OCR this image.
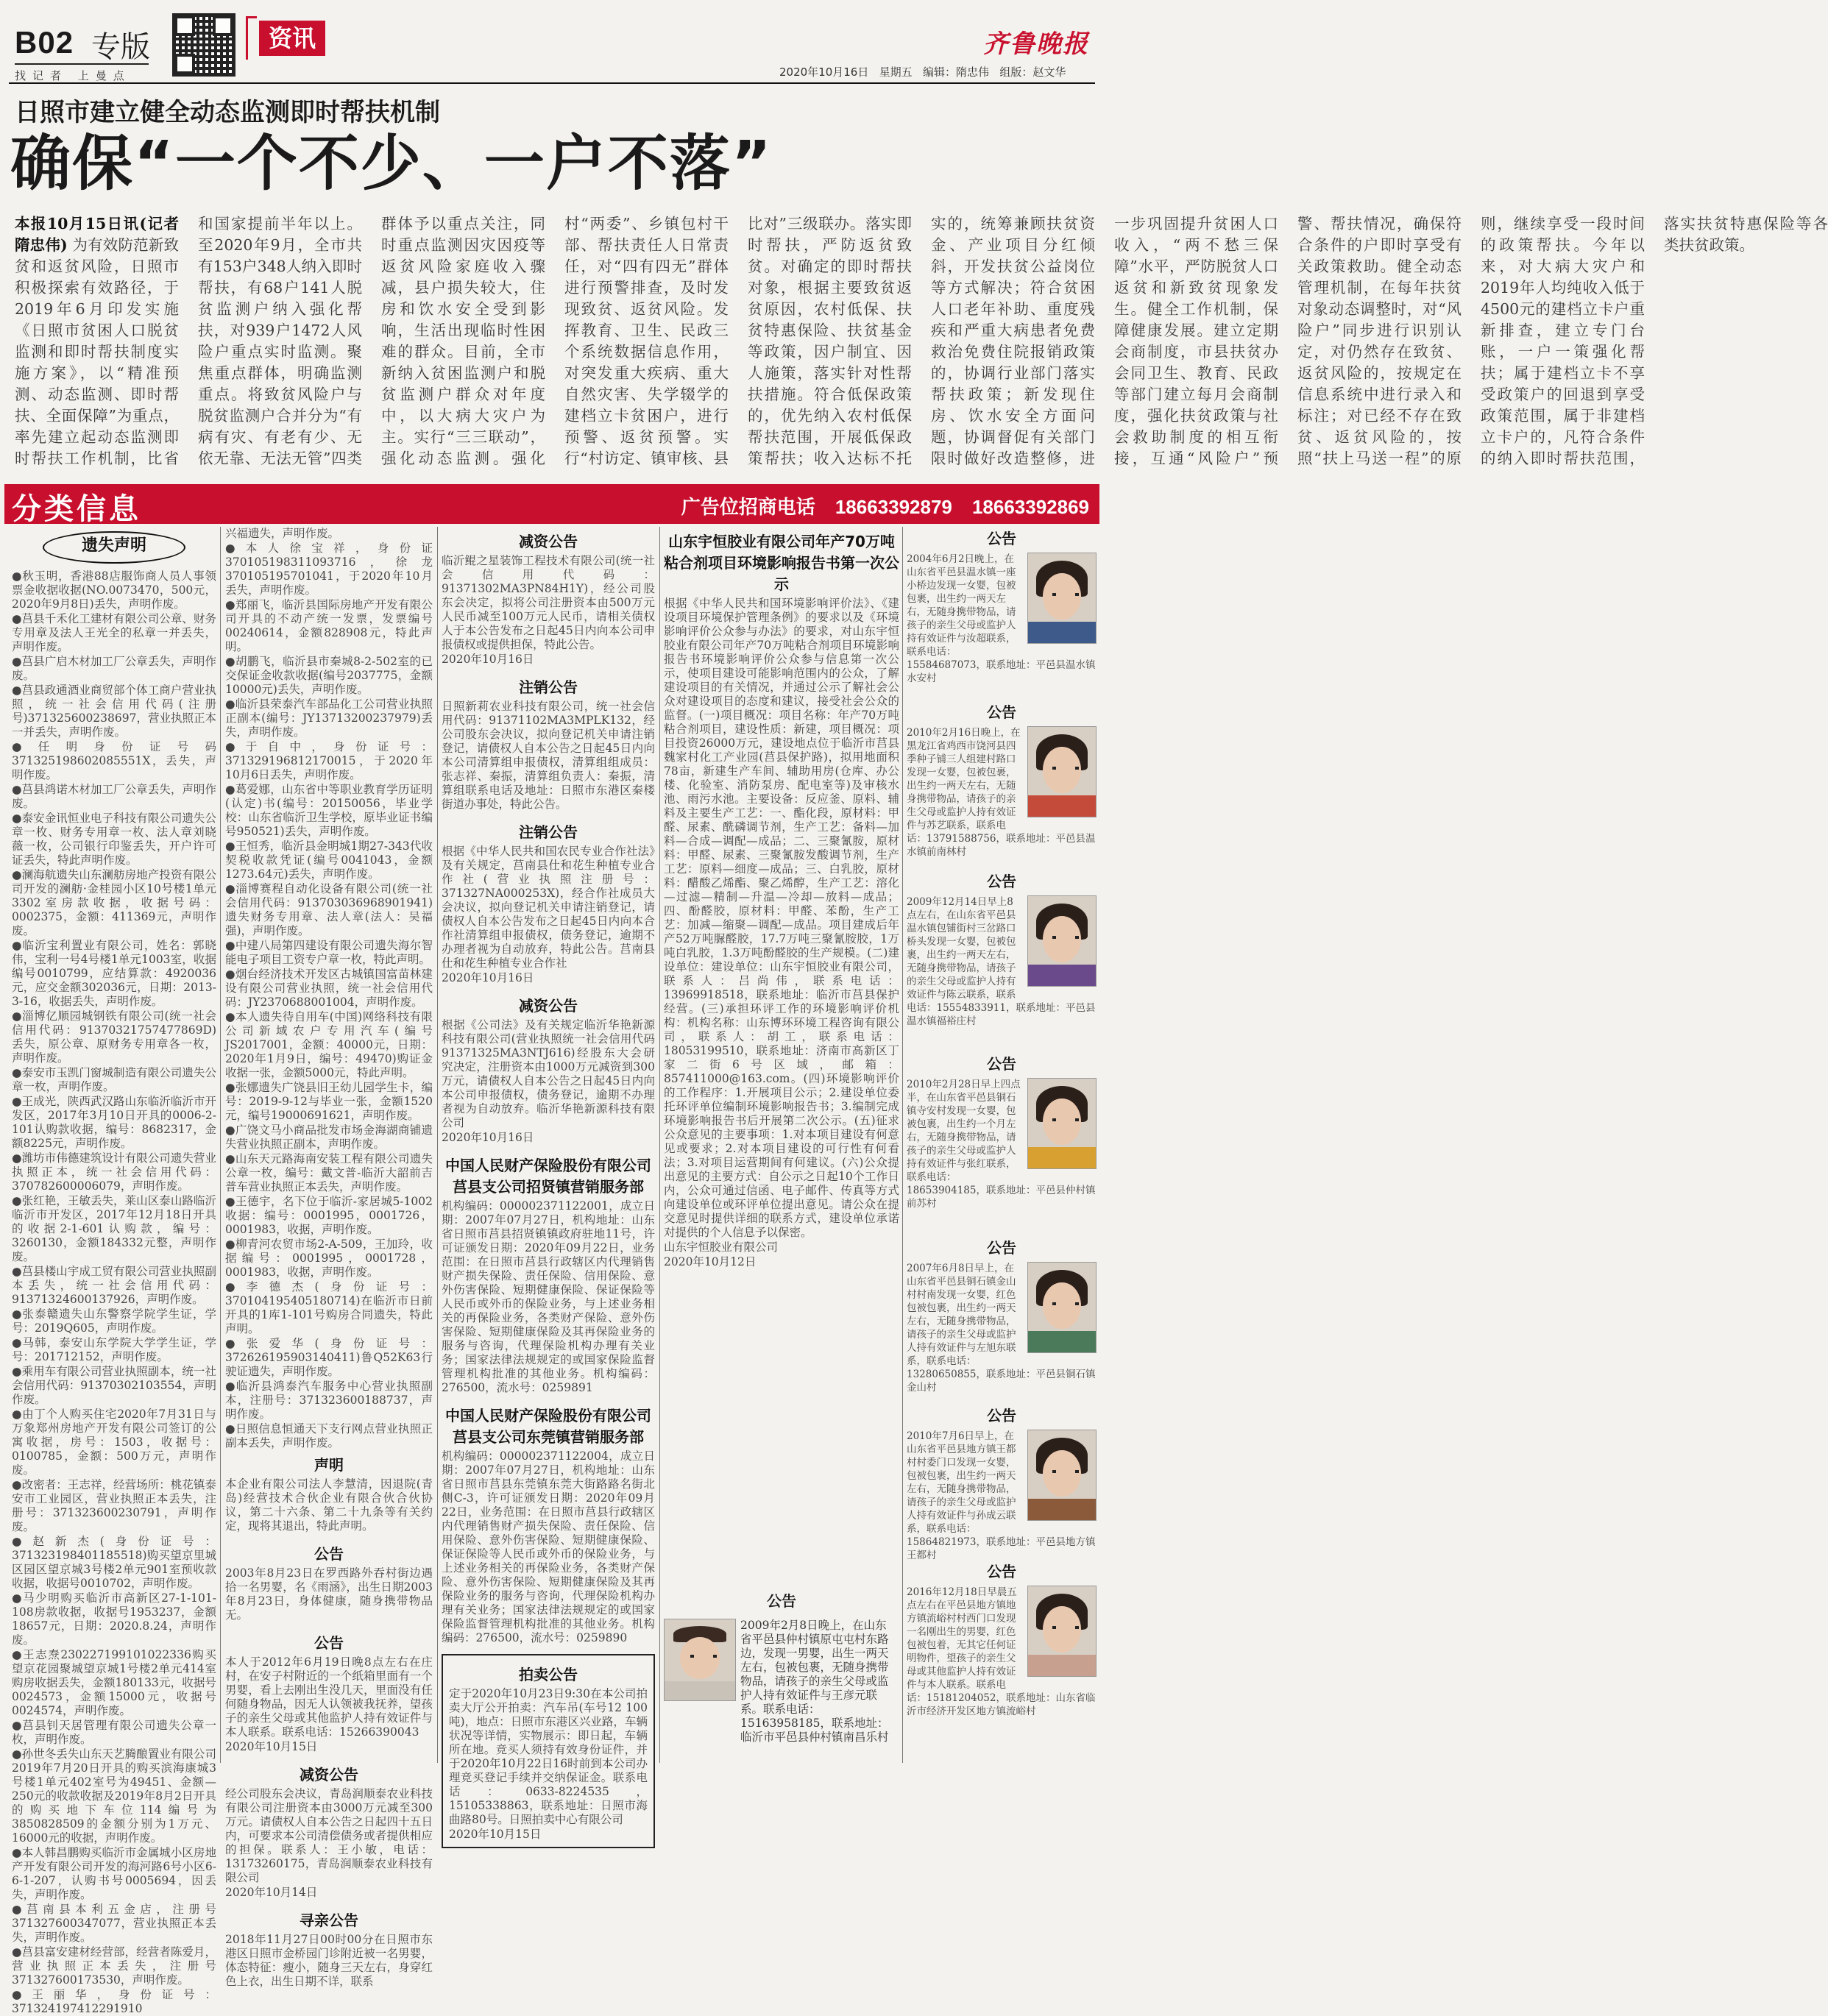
B02 专版
找记者 上曼点
资讯	齐鲁晚报
2020年10月16日 星期五 编辑：隋忠伟 组版：赵文华
日照市建立健全动态监测即时帮扶机制
确保“一个不少、一户不落”
本报10月15日讯(记者 隋忠伟) 为有效防范新致贫和返贫风险，日照市积极探索有效路径，于2019年6月印发实施《日照市贫困人口脱贫监测和即时帮扶制度实施方案》，以“精准预测、动态监测、即时帮扶、全面保障”为重点，率先建立起动态监测即时帮扶工作机制，比省和国家提前半年以上。至2020年9月，全市共有153户348人纳入即时帮扶，有68户141人脱贫监测户纳入强化帮扶，对939户1472人风险户重点实时监测。聚焦重点群体，明确监测重点。将致贫风险户与脱贫监测户合并分为“有病有灾、有老有少、无依无靠、无法无管”四类群体予以重点关注，同时重点监测因灾因疫等返贫风险家庭收入骤减，县户损失较大，住房和饮水安全受到影响，生活出现临时性困难的群众。目前，全市新纳入贫困监测户和脱贫监测户群众对年度中，以大病大灾户为主。实行“三三联动”，强化动态监测。强化村“两委”、乡镇包村干部、帮扶责任人日常责任，对“四有四无”群体进行预警排查，及时发现致贫、返贫风险。发挥教育、卫生、民政三个系统数据信息作用，对突发重大疾病、重大自然灾害、失学辍学的建档立卡贫困户，进行预警、返贫预警。实行“村访定、镇审核、县比对”三级联办。落实即时帮扶，严防返贫致贫。对确定的即时帮扶对象，根据主要致贫返贫原因，农村低保、扶贫特惠保险、扶贫基金等政策，因户制宜、因人施策，落实针对性帮扶措施。符合低保政策的，优先纳入农村低保帮扶范围，开展低保政策帮扶；收入达标不托实的，统筹兼顾扶贫资金、产业项目分红倾斜，开发扶贫公益岗位等方式解决；符合贫困人口老年补助、重度残疾和严重大病患者免费救治免费住院报销政策的，协调行业部门落实帮扶政策；新发现住房、饮水安全方面问题，协调督促有关部门限时做好改造整修，进一步巩固提升贫困人口收入，“两不愁三保障”水平，严防脱贫人口返贫和新致贫现象发生。健全工作机制，保障健康发展。建立定期会商制度，市县扶贫办会同卫生、教育、民政等部门建立每月会商制度，强化扶贫政策与社会救助制度的相互衔接，互通“风险户”预警、帮扶情况，确保符合条件的户即时享受有关政策救助。健全动态管理机制，在每年扶贫对象动态调整时，对“风险户”同步进行识别认定，对仍然存在致贫、返贫风险的，按规定在信息系统中进行录入和标注；对已经不存在致贫、返贫风险的，按照“扶上马送一程”的原则，继续享受一段时间的政策帮扶。今年以来，对大病大灾户和2019年人均纯收入低于4500元的建档立卡户重新排查，建立专门台账，一户一策强化帮扶；属于建档立卡不享受政策户的回退到享受政策范围，属于非建档立卡户的，凡符合条件的纳入即时帮扶范围，落实扶贫特惠保险等各类扶贫政策。
分类信息	广告位招商电话 18663392879 18663392869
遗失声明

●秋玉明，香港88店服饰商人员人事领票金收据收据(NO.0073470，500元，2020年9月8日)丢失，声明作废。

●莒县千禾化工建材有限公司公章、财务专用章及法人王光全的私章一并丢失，声明作废。

●莒县广启木材加工厂公章丢失，声明作废。

●莒县政通酒业商贸部个体工商户营业执照，统一社会信用代码(注册号)371325600238697，营业执照正本一并丢失，声明作废。

●任明身份证号码371325198602085551X，丢失，声明作废。

●莒县鸿诺木材加工厂公章丢失，声明作废。

●泰安金讯恒业电子科技有限公司遗失公章一枚、财务专用章一枚、法人章刘晓薇一枚，公司银行印鉴丢失，开户许可证丢失，特此声明作废。

●澜海航遗失山东澜舫房地产投资有限公司开发的澜舫·金桂园小区10号楼1单元3302室房款收据，收据号码：0002375，金额：411369元，声明作废。

●临沂宝利置业有限公司，姓名：郭晓伟，宝利一号4号楼1单元1003室，收据编号0010799，应结算款：4920036元，应交金额302036元，日期：2013-3-16，收据丢失，声明作废。

●淄博亿顺园城钢铁有限公司(统一社会信用代码：91370321757477869D)丢失，原公章、原财务专用章各一枚，声明作废。

●泰安市玉凯门窗城制造有限公司遗失公章一枚，声明作废。

●王成光，陕西武汉路山东临沂临沂市开发区，2017年3月10日开具的0006-2-101认购款收据，编号：8682317，金额8225元，声明作废。

●潍坊市伟德建筑设计有限公司遗失营业执照正本，统一社会信用代码：370782600006079，声明作废。

●张红艳，王敏丢失，莱山区泰山路临沂临沂市开发区，2017年12月18日开具的收据2-1-601认购款，编号：3260130，金额184332元整，声明作废。

●莒县楼山宇成工贸有限公司营业执照副本丢失，统一社会信用代码：91371324600137926，声明作废。

●张泰赣遗失山东警察学院学生证，学号：2019Q605，声明作废。

●马韩，泰安山东学院大学学生证，学号：201712152，声明作废。

●乘用车有限公司营业执照副本，统一社会信用代码：91370302103554，声明作废。

●由丁个人购买住宅2020年7月31日与万象郑州房地产开发有限公司签订的公寓收据，房号：1503，收据号：0100785，金额：500万元，声明作废。

●改密者：王志祥，经营场所：桃花镇泰安市工业园区，营业执照正本丢失，注册号：371323600230791，声明作废。

●赵新杰(身份证号：371323198401185518)购买望京里城区园区望京城3号楼2单元901室预收款收据，收据号0010702，声明作废。

●马少明购买临沂市高新区27-1-101-108房款收据，收据号1953237，金额18657元，日期：2020.8.24，声明作废。

●王志焘230227199101022336购买望京花园聚城望京城1号楼2单元414室购房收据丢失，金额180133元，收据号0024573，金额15000元，收据号0024574，声明作废。

●莒县钊天居管理有限公司遗失公章一枚，声明作废。

●孙世冬丢失山东天艺腾酿置业有限公司2019年7月20日开具的购买滨海康城3号楼1单元402室号为49451、金额—250元的收款收据及2019年8月2日开具的购买地下车位114编号为3850828509的金额分别为1万元、16000元的收据，声明作废。

●本人韩昌鹏购买临沂市金属城小区房地产开发有限公司开发的海河路6号小区6-6-1-207，认购书号0005694，因丢失，声明作废。

●莒南县本利五金店，注册号371327600347077，营业执照正本丢失，声明作废。

●莒县富安建材经营部，经营者陈爱月，营业执照正本丢失，注册号371327600173530，声明作废。

●王丽华，身份证号：371324197412291910

兴福遗失，声明作废。

●本人徐宝祥，身份证370105198311093716，徐龙370105195701041，于2020年10月丢失，声明作废。

●郑丽飞，临沂县国际房地产开发有限公司开具的不动产统一发票，发票编号00240614，金额828908元，特此声明。

●胡鹏飞，临沂县市秦城8-2-502室的已交保证金收款收据(编号2037775，金额10000元)丢失，声明作废。

●临沂县荣泰汽车部品化工公司营业执照正副本(编号：JY13713200237979)丢失，声明作废。

●于自中，身份证号：371329196812170015，于2020年10月6日丢失，声明作废。

●葛爱娜，山东省中等职业教育学历证明(认定)书(编号：20150056，毕业学校：山东省临沂卫生学校，原毕业证书编号950521)丢失，声明作废。

●王恒秀，临沂县金明城1期27-343代收契税收款凭证(编号0041043，金额1273.64元)丢失，声明作废。

●淄博赛程自动化设备有限公司(统一社会信用代码：913703036968901941)遗失财务专用章、法人章(法人：吴福强)，声明作废。

●中建八局第四建设有限公司遗失海尔智能电子项目工资专户章一枚，特此声明。

●烟台经济技术开发区古城镇国富苗林建设有限公司营业执照，统一社会信用代码：JY2370688001004，声明作废。

●本人遗失待自用车(中国)网络科技有限公司新域农户专用汽车(编号JS2017001，金额：40000元，日期：2020年1月9日，编号：49470)购证金收据一张，金额5000元，特此声明。

●张娜遗失广饶县旧王幼儿园学生卡，编号：2019-9-12与毕业一张，金额1520元，编号19000691621，声明作废。

●广饶文马小商品批发市场金海湖商铺遗失营业执照正副本，声明作废。

●山东天元路海南安装工程有限公司遗失公章一枚，编号：戴文普-临沂大韶前吉普车营业执照正本丢失，声明作废。

●王德宇，名下位于临沂-家居城5-1002收据：编号：0001995，0001726，0001983，收据，声明作废。

●柳青河农贸市场2-A-509，王加玲，收据编号：0001995，0001728，0001983，收据，声明作废。

●李德杰(身份证号：370104195405180714)在临沂市日前开具的1库1-101号购房合同遗失，特此声明。

●张爱华(身份证号：372626195903140411)鲁Q52K63行驶证遗失，声明作废。

●临沂县鸿泰汽车服务中心营业执照副本，注册号：371323600188737，声明作废。

●日照信息恒通天下支行网点营业执照正副本丢失，声明作废。

声明

本企业有限公司法人李慧清，因退院(青岛)经营技术合伙企业有限合伙合伙协议，第二十六条、第二十九条等有关约定，现将其退出，特此声明。

公告

2003年8月23日在罗西路外吞村街边遇拾一名男婴，名《雨涵》，出生日期2003年8月23日，身体健康，随身携带物品无。

公告

本人于2012年6月19日晚8点左右在庄村，在安子村附近的一个纸箱里面有一个男婴，看上去刚出生没几天，里面没有任何随身物品，因无人认领被我抚养，望孩子的亲生父母或其他监护人持有效证件与本人联系。联系电话：15266390043

2020年10月15日

减资公告

经公司股东会决议，青岛润顺泰农业科技有限公司注册资本由3000万元减至300万元。请债权人自本公告之日起四十五日内，可要求本公司清偿债务或者提供相应的担保。联系人：王小敏，电话：13173260175，青岛润顺泰农业科技有限公司

2020年10月14日

寻亲公告

2018年11月27日00时00分在日照市东港区日照市金桥园门诊附近被一名男婴，体态特征：瘦小，随身三天左右，身穿红色上衣，出生日期不详，联系

减资公告

临沂鲲之星装饰工程技术有限公司(统一社会信用代码：91371302MA3PN84H1Y)，经公司股东会决定，拟将公司注册资本由500万元人民币减至100万元人民币，请相关债权人于本公告发布之日起45日内向本公司申报债权或提供担保，特此公告。

2020年10月16日

注销公告

日照新莉农业科技有限公司，统一社会信用代码：91371102MA3MPLK132，经公司股东会决议，拟向登记机关申请注销登记，请债权人自本公告之日起45日内向本公司清算组申报债权，清算组组成员：张志祥、秦振，清算组负责人：秦振，清算组联系电话及地址：日照市东港区秦楼街道办事处，特此公告。

注销公告

根据《中华人民共和国农民专业合作社法》及有关规定，莒南县仕和花生种植专业合作社(营业执照注册号：371327NA000253X)，经合作社成员大会决议，拟向登记机关申请注销登记，请债权人自本公告发布之日起45日内向本合作社清算组申报债权，债务登记，逾期不办理者视为自动放弃，特此公告。莒南县仕和花生种植专业合作社

2020年10月16日

减资公告

根据《公司法》及有关规定临沂华艳新源科技有限公司(营业执照统一社会信用代码91371325MA3NTJ616)经股东大会研究决定，注册资本由1000万元减资到300万元，请债权人自本公告之日起45日内向本公司申报债权，债务登记，逾期不办理者视为自动放弃。临沂华艳新源科技有限公司

2020年10月16日

中国人民财产保险股份有限公司莒县支公司招贤镇营销服务部

机构编码：000002371122001，成立日期：2007年07月27日，机构地址：山东省日照市莒县招贤镇镇政府驻地11号，许可证颁发日期：2020年09月22日，业务范围：在日照市莒县行政辖区内代理销售财产损失保险、责任保险、信用保险、意外伤害保险、短期健康保险、保证保险等人民币或外币的保险业务，与上述业务相关的再保险业务，各类财产保险、意外伤害保险、短期健康保险及其再保险业务的服务与咨询，代理保险机构办理有关业务；国家法律法规规定的或国家保险监督管理机构批准的其他业务。机构编码：276500，流水号：0259891

中国人民财产保险股份有限公司莒县支公司东莞镇营销服务部

机构编码：000002371122004，成立日期：2007年07月27日，机构地址：山东省日照市莒县东莞镇东莞大街路路名街北侧C-3，许可证颁发日期：2020年09月22日，业务范围：在日照市莒县行政辖区内代理销售财产损失保险、责任保险、信用保险、意外伤害保险、短期健康保险、保证保险等人民币或外币的保险业务，与上述业务相关的再保险业务，各类财产保险、意外伤害保险、短期健康保险及其再保险业务的服务与咨询，代理保险机构办理有关业务；国家法律法规规定的或国家保险监督管理机构批准的其他业务。机构编码：276500，流水号：0259890

拍卖公告

定于2020年10月23日9:30在本公司拍卖大厅公开拍卖：汽车吊(车号12 100吨)，地点：日照市东港区兴业路，车辆状况等详情，实物展示：即日起，车辆所在地。竞买人须持有效身份证件，并于2020年10月22日16时前到本公司办理竞买登记手续并交纳保证金。联系电话：0633-8224535，15105338863，联系地址：日照市海曲路80号。日照拍卖中心有限公司

2020年10月15日

山东宇恒胶业有限公司年产70万吨粘合剂项目环境影响报告书第一次公示

根据《中华人民共和国环境影响评价法》、《建设项目环境保护管理条例》的要求以及《环境影响评价公众参与办法》的要求，对山东宇恒胶业有限公司年产70万吨粘合剂项目环境影响报告书环境影响评价公众参与信息第一次公示，使项目建设可能影响范围内的公众，了解建设项目的有关情况，并通过公示了解社会公众对建设项目的态度和建议，接受社会公众的监督。(一)项目概况：项目名称：年产70万吨粘合剂项目，建设性质：新建，项目概况：项目投资26000万元，建设地点位于临沂市莒县魏家村化工产业园(莒县保护路)，拟用地面积78亩，新建生产车间、辅助用房(仓库、办公楼、化验室、消防泵房、配电室等)及审核水池、雨污水池。主要设备：反应釜、原料、辅料及主要生产工艺：一、酯化段，原材料：甲醛、尿素、酰磷调节剂，生产工艺：备料—加料—合成—调配—成品；二、三聚氰胺，原材料：甲醛、尿素、三聚氰胺发酸调节剂，生产工艺：原料—细度—成品；三、白乳胶，原材料：醋酸乙烯酯、聚乙烯醇，生产工艺：溶化—过滤—精制—升温—冷却—放料—成品；四、酚醛胶，原材料：甲醛、苯酚，生产工艺：加减—缩聚—调配—成品。项目建成后年产52万吨脲醛胶，17.7万吨三聚氰胺胶，1万吨白乳胶，1.3万吨酚醛胶的生产规模。(二)建设单位：建设单位：山东宇恒胶业有限公司，联系人：吕尚伟，联系电话：13969918518，联系地址：临沂市莒县保护经营。(三)承担环评工作的环境影响评价机构：机构名称：山东博环环境工程咨询有限公司，联系人：胡工，联系电话：18053199510，联系地址：济南市高新区丁家二街6号区域，邮箱：857411000@163.com。(四)环境影响评价的工作程序：1.开展项目公示；2.建设单位委托环评单位编制环境影响报告书；3.编制完成环境影响报告书后开展第二次公示。(五)征求公众意见的主要事项：1.对本项目建设有何意见或要求；2.对本项目建设的可行性有何看法；3.对项目运营期间有何建议。(六)公众提出意见的主要方式：自公示之日起10个工作日内，公众可通过信函、电子邮件、传真等方式向建设单位或环评单位提出意见。请公众在提交意见时提供详细的联系方式，建设单位承诺对提供的个人信息予以保密。

山东宇恒胶业有限公司

2020年10月12日

公告
2009年2月8日晚上，在山东省平邑县仲村镇原屯屯村东路边，发现一男婴，出生一两天左右，包被包裹，无随身携带物品，请孩子的亲生父母或监护人持有效证件与王彦元联系。联系电话：15163958185，联系地址：临沂市平邑县仲村镇南昌乐村
公告
2004年6月2日晚上，在山东省平邑县温水镇一座小桥边发现一女婴，包被包裹，出生约一两天左右，无随身携带物品，请孩子的亲生父母或监护人持有效证件与汝超联系，联系电话：15584687073，联系地址：平邑县温水镇水安村
公告
2010年2月16日晚上，在黑龙江省鸡西市饶河县四季种子铺三人组建村路口发现一女婴，包被包裹，出生约一两天左右，无随身携带物品，请孩子的亲生父母或监护人持有效证件与苏艺联系，联系电话：13791588756，联系地址：平邑县温水镇前南林村
公告
2009年12月14日早上8点左右，在山东省平邑县温水镇包铺街村三岔路口桥头发现一女婴，包被包裹，出生约一两天左右，无随身携带物品，请孩子的亲生父母或监护人持有效证件与陈云联系，联系电话：15554833911，联系地址：平邑县温水镇福裕庄村
公告
2010年2月28日早上四点半，在山东省平邑县铜石镇寺安村发现一女婴，包被包裹，出生约一个月左右，无随身携带物品，请孩子的亲生父母或监护人持有效证件与张红联系，联系电话：18653904185，联系地址：平邑县仲村镇前苏村
公告
2007年6月8日早上，在山东省平邑县铜石镇金山村村南发现一女婴，红色包被包裹，出生约一两天左右，无随身携带物品，请孩子的亲生父母或监护人持有效证件与左旭东联系，联系电话：13280650855，联系地址：平邑县铜石镇金山村
公告
2010年7月6日早上，在山东省平邑县地方镇王都村村委门口发现一女婴，包被包裹，出生约一两天左右，无随身携带物品，请孩子的亲生父母或监护人持有效证件与孙成云联系，联系电话：15864821973，联系地址：平邑县地方镇王都村
公告
2016年12月18日早晨五点左右在平邑县地方镇地方镇流峪村村西门口发现一名刚出生的男婴，红色包被包着，无其它任何证明物件，望孩子的亲生父母或其他监护人持有效证件与本人联系。联系电话：15181204052，联系地址：山东省临沂市经济开发区地方镇流峪村
